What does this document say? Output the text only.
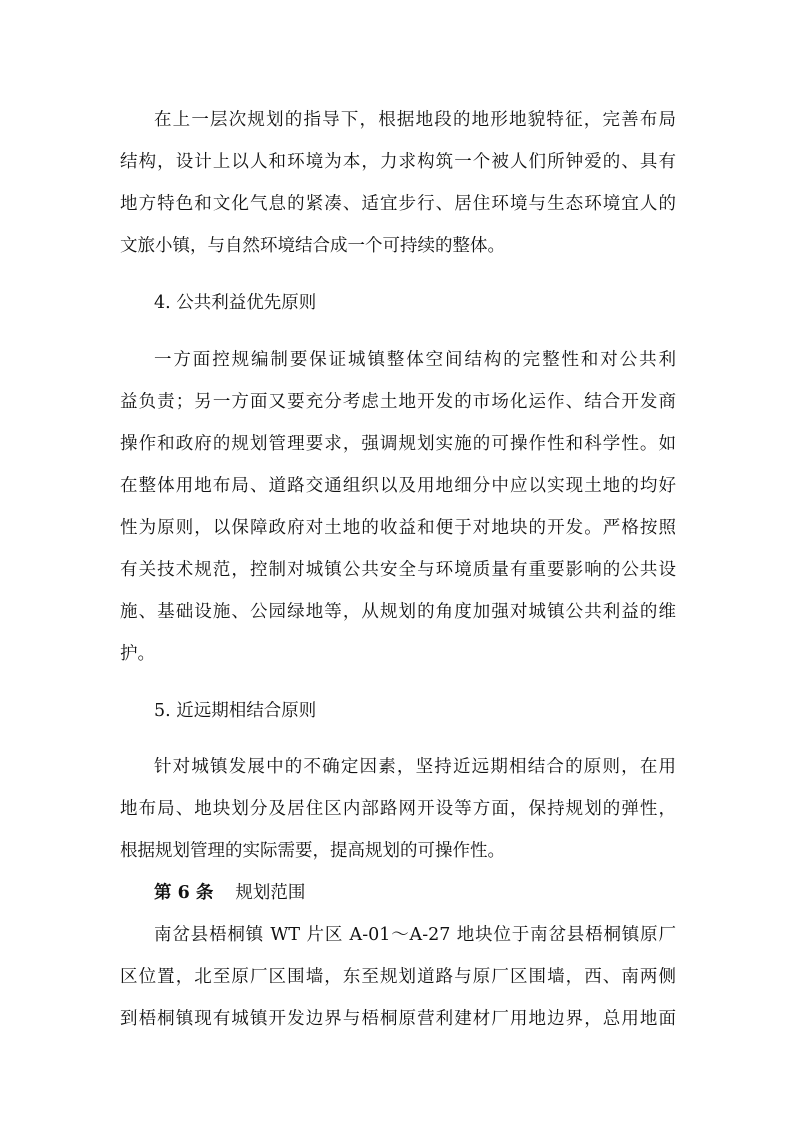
在上一层次规划的指导下，根据地段的地形地貌特征，完善布局
结构，设计上以人和环境为本，力求构筑一个被人们所钟爱的、具有
地方特色和文化气息的紧凑、适宜步行、居住环境与生态环境宜人的
文旅小镇，与自然环境结合成一个可持续的整体。
4. 公共利益优先原则
一方面控规编制要保证城镇整体空间结构的完整性和对公共利
益负责；另一方面又要充分考虑土地开发的市场化运作、结合开发商
操作和政府的规划管理要求，强调规划实施的可操作性和科学性。如
在整体用地布局、道路交通组织以及用地细分中应以实现土地的均好
性为原则，以保障政府对土地的收益和便于对地块的开发。严格按照
有关技术规范，控制对城镇公共安全与环境质量有重要影响的公共设
施、基础设施、公园绿地等，从规划的角度加强对城镇公共利益的维
护。
5. 近远期相结合原则
针对城镇发展中的不确定因素，坚持近远期相结合的原则，在用
地布局、地块划分及居住区内部路网开设等方面，保持规划的弹性，
根据规划管理的实际需要，提高规划的可操作性。
第 6 条 规划范围
南岔县梧桐镇 WT 片区 A-01～A-27 地块位于南岔县梧桐镇原厂
区位置，北至原厂区围墙，东至规划道路与原厂区围墙，西、南两侧
到梧桐镇现有城镇开发边界与梧桐原营利建材厂用地边界，总用地面
